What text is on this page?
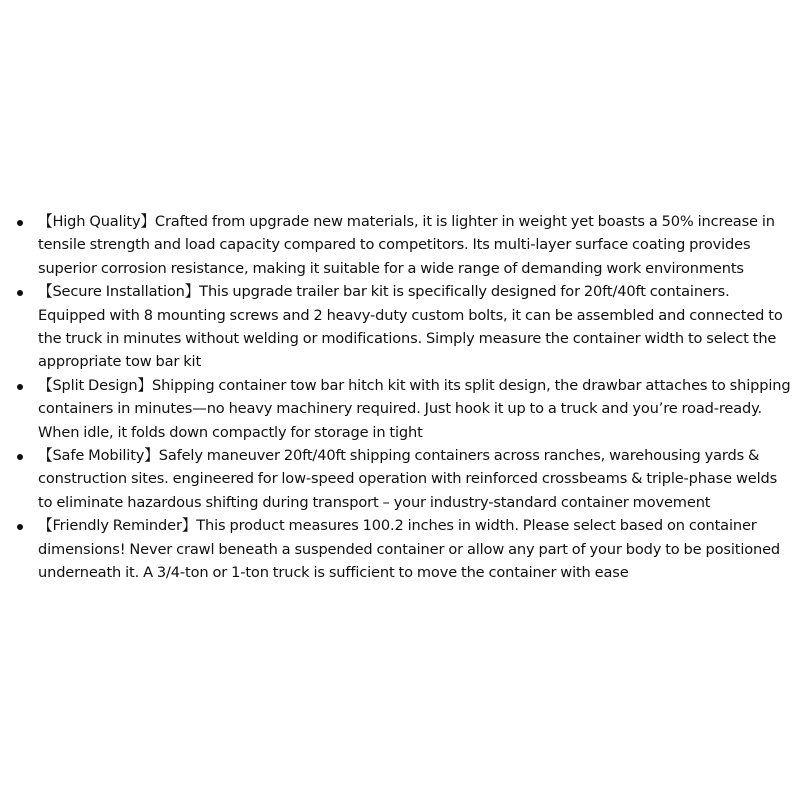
【High Quality】Crafted from upgrade new materials, it is lighter in weight yet boasts a 50% increase in tensile strength and load capacity compared to competitors. Its multi-layer surface coating provides superior corrosion resistance, making it suitable for a wide range of demanding work environments
【Secure Installation】This upgrade trailer bar kit is specifically designed for 20ft/40ft containers. Equipped with 8 mounting screws and 2 heavy-duty custom bolts, it can be assembled and connected to the truck in minutes without welding or modifications. Simply measure the container width to select the appropriate tow bar kit
【Split Design】Shipping container tow bar hitch kit with its split design, the drawbar attaches to shipping containers in minutes—no heavy machinery required. Just hook it up to a truck and you’re road-ready. When idle, it folds down compactly for storage in tight
【Safe Mobility】Safely maneuver 20ft/40ft shipping containers across ranches, warehousing yards & construction sites. engineered for low-speed operation with reinforced crossbeams & triple-phase welds to eliminate hazardous shifting during transport – your industry-standard container movement
【Friendly Reminder】This product measures 100.2 inches in width. Please select based on container dimensions! Never crawl beneath a suspended container or allow any part of your body to be positioned underneath it. A 3/4-ton or 1-ton truck is sufficient to move the container with ease
